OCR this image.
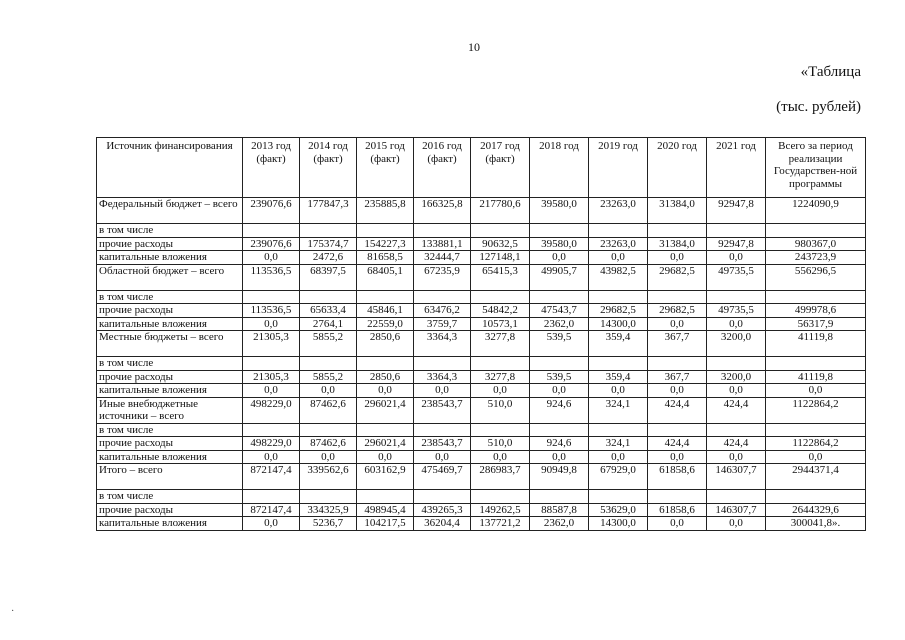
10
«Таблица
(тыс. рублей)
Источник финансирования	2013 год (факт)	2014 год (факт)	2015 год (факт)	2016 год (факт)	2017 год (факт)	2018 год	2019 год	2020 год	2021 год	Всего за период реализации Государствен-ной программы
Федеральный бюджет – всего	239076,6	177847,3	235885,8	166325,8	217780,6	39580,0	23263,0	31384,0	92947,8	1224090,9
в том числе										
прочие расходы	239076,6	175374,7	154227,3	133881,1	90632,5	39580,0	23263,0	31384,0	92947,8	980367,0
капитальные вложения	0,0	2472,6	81658,5	32444,7	127148,1	0,0	0,0	0,0	0,0	243723,9
Областной бюджет – всего	113536,5	68397,5	68405,1	67235,9	65415,3	49905,7	43982,5	29682,5	49735,5	556296,5
в том числе										
прочие расходы	113536,5	65633,4	45846,1	63476,2	54842,2	47543,7	29682,5	29682,5	49735,5	499978,6
капитальные вложения	0,0	2764,1	22559,0	3759,7	10573,1	2362,0	14300,0	0,0	0,0	56317,9
Местные бюджеты – всего	21305,3	5855,2	2850,6	3364,3	3277,8	539,5	359,4	367,7	3200,0	41119,8
в том числе										
прочие расходы	21305,3	5855,2	2850,6	3364,3	3277,8	539,5	359,4	367,7	3200,0	41119,8
капитальные вложения	0,0	0,0	0,0	0,0	0,0	0,0	0,0	0,0	0,0	0,0
Иные внебюджетные источники – всего	498229,0	87462,6	296021,4	238543,7	510,0	924,6	324,1	424,4	424,4	1122864,2
в том числе										
прочие расходы	498229,0	87462,6	296021,4	238543,7	510,0	924,6	324,1	424,4	424,4	1122864,2
капитальные вложения	0,0	0,0	0,0	0,0	0,0	0,0	0,0	0,0	0,0	0,0
Итого – всего	872147,4	339562,6	603162,9	475469,7	286983,7	90949,8	67929,0	61858,6	146307,7	2944371,4
в том числе										
прочие расходы	872147,4	334325,9	498945,4	439265,3	149262,5	88587,8	53629,0	61858,6	146307,7	2644329,6
капитальные вложения	0,0	5236,7	104217,5	36204,4	137721,2	2362,0	14300,0	0,0	0,0	300041,8».
·
